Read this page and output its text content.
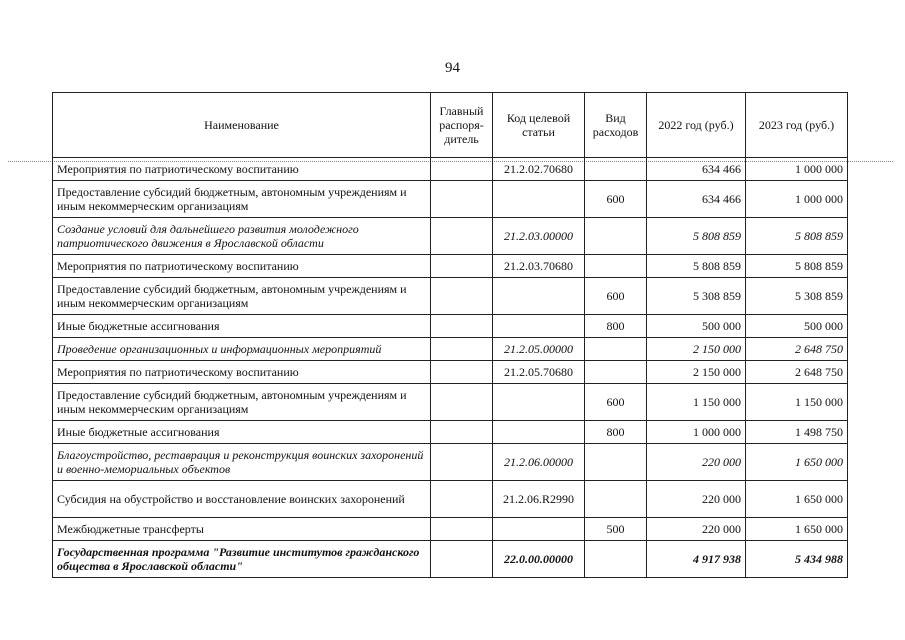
94
Наименование	Главный распоря-дитель	Код целевой статьи	Вид расходов	2022 год (руб.)	2023 год (руб.)
Мероприятия по патриотическому воспитанию		21.2.02.70680		634 466	1 000 000
Предоставление субсидий бюджетным, автономным учреждениям и иным некоммерческим организациям			600	634 466	1 000 000
Создание условий для дальнейшего развития молодежного патриотического движения в Ярославской области		21.2.03.00000		5 808 859	5 808 859
Мероприятия по патриотическому воспитанию		21.2.03.70680		5 808 859	5 808 859
Предоставление субсидий бюджетным, автономным учреждениям и иным некоммерческим организациям			600	5 308 859	5 308 859
Иные бюджетные ассигнования			800	500 000	500 000
Проведение организационных и информационных мероприятий		21.2.05.00000		2 150 000	2 648 750
Мероприятия по патриотическому воспитанию		21.2.05.70680		2 150 000	2 648 750
Предоставление субсидий бюджетным, автономным учреждениям и иным некоммерческим организациям			600	1 150 000	1 150 000
Иные бюджетные ассигнования			800	1 000 000	1 498 750
Благоустройство, реставрация и реконструкция воинских захоронений и военно-мемориальных объектов		21.2.06.00000		220 000	1 650 000
Субсидия на обустройство и восстановление воинских захоронений		21.2.06.R2990		220 000	1 650 000
Межбюджетные трансферты			500	220 000	1 650 000
Государственная программа "Развитие институтов гражданского общества в Ярославской области"		22.0.00.00000		4 917 938	5 434 988
